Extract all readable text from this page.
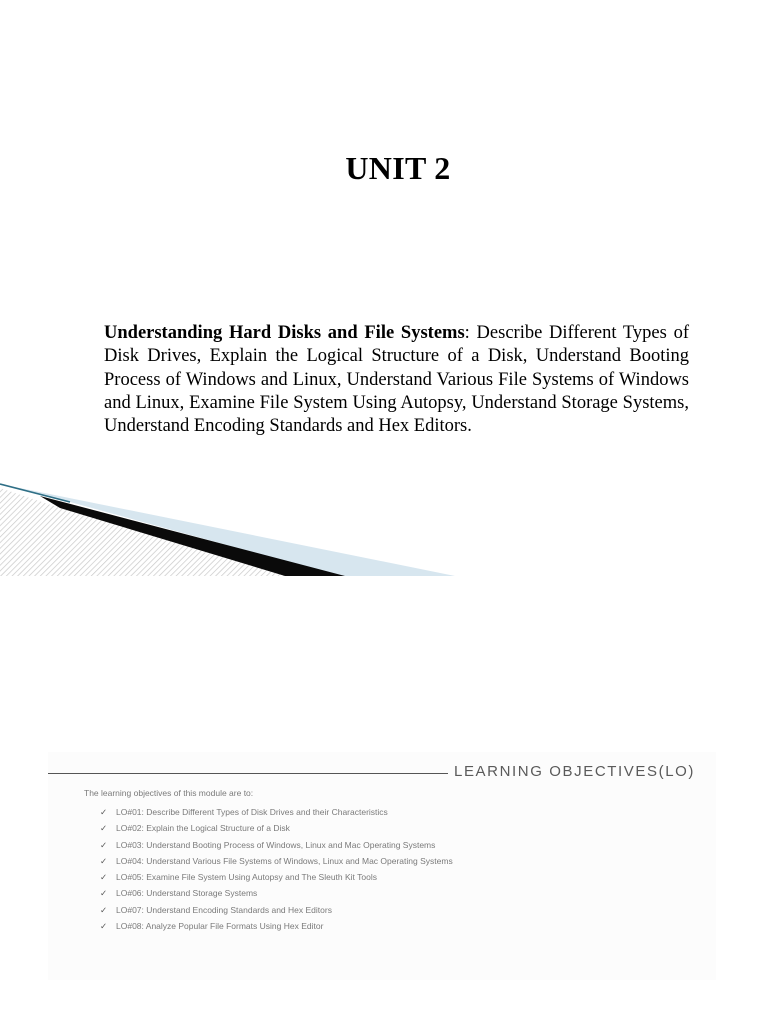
UNIT 2
Understanding Hard Disks and File Systems: Describe Different Types of Disk Drives, Explain the Logical Structure of a Disk, Understand Booting Process of Windows and Linux, Understand Various File Systems of Windows and Linux, Examine File System Using Autopsy, Understand Storage Systems, Understand Encoding Standards and Hex Editors.
LEARNING OBJECTIVES(LO)
The learning objectives of this module are to:
✓ LO#01: Describe Different Types of Disk Drives and their Characteristics
✓ LO#02: Explain the Logical Structure of a Disk
✓ LO#03: Understand Booting Process of Windows, Linux and Mac Operating Systems
✓ LO#04: Understand Various File Systems of Windows, Linux and Mac Operating Systems
✓ LO#05: Examine File System Using Autopsy and The Sleuth Kit Tools
✓ LO#06: Understand Storage Systems
✓ LO#07: Understand Encoding Standards and Hex Editors
✓ LO#08: Analyze Popular File Formats Using Hex Editor
